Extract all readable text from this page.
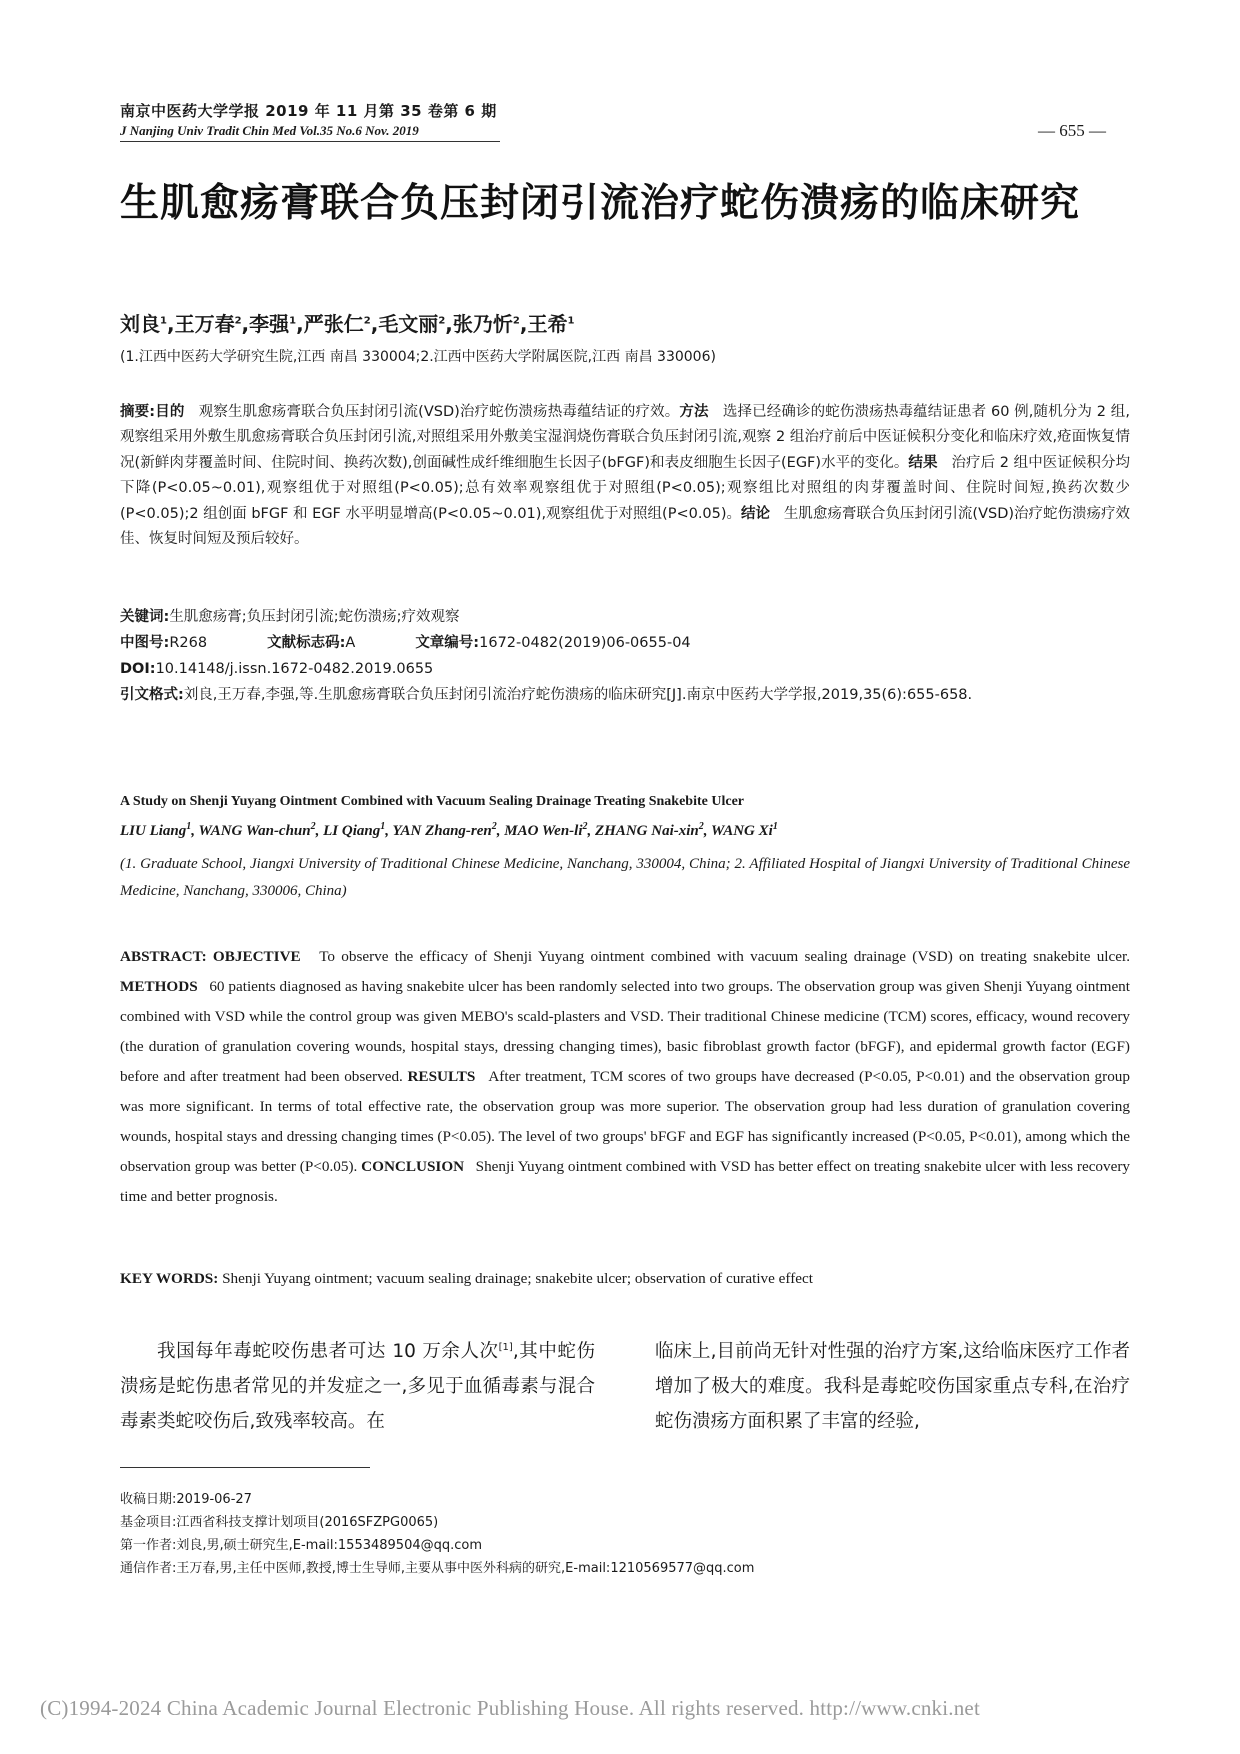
南京中医药大学学报 2019 年 11 月第 35 卷第 6 期
J Nanjing Univ Tradit Chin Med Vol.35 No.6 Nov. 2019	— 655 —
生肌愈疡膏联合负压封闭引流治疗蛇伤溃疡的临床研究
刘良$^1$,王万春$^2$,李强$^1$,严张仁$^2$,毛文丽$^2$,张乃忻$^2$,王希$^1$
(1.江西中医药大学研究生院,江西 南昌 330004;2.江西中医药大学附属医院,江西 南昌 330006)
摘要:目的 观察生肌愈疡膏联合负压封闭引流(VSD)治疗蛇伤溃疡热毒蕴结证的疗效。方法 选择已经确诊的蛇伤溃疡热毒蕴结证患者 60 例,随机分为 2 组,观察组采用外敷生肌愈疡膏联合负压封闭引流,对照组采用外敷美宝湿润烧伤膏联合负压封闭引流,观察 2 组治疗前后中医证候积分变化和临床疗效,疮面恢复情况(新鲜肉芽覆盖时间、住院时间、换药次数),创面碱性成纤维细胞生长因子(bFGF)和表皮细胞生长因子(EGF)水平的变化。结果 治疗后 2 组中医证候积分均下降(P<0.05~0.01),观察组优于对照组(P<0.05);总有效率观察组优于对照组(P<0.05);观察组比对照组的肉芽覆盖时间、住院时间短,换药次数少(P<0.05);2 组创面 bFGF 和 EGF 水平明显增高(P<0.05~0.01),观察组优于对照组(P<0.05)。结论 生肌愈疡膏联合负压封闭引流(VSD)治疗蛇伤溃疡疗效佳、恢复时间短及预后较好。
关键词:生肌愈疡膏;负压封闭引流;蛇伤溃疡;疗效观察
中图号:R268	文献标志码:A	文章编号:1672-0482(2019)06-0655-04
DOI:10.14148/j.issn.1672-0482.2019.0655
引文格式:刘良,王万春,李强,等.生肌愈疡膏联合负压封闭引流治疗蛇伤溃疡的临床研究[J].南京中医药大学学报,2019,35(6):655-658.
A Study on Shenji Yuyang Ointment Combined with Vacuum Sealing Drainage Treating Snakebite Ulcer
LIU Liang$^1$, WANG Wan-chun$^2$, LI Qiang$^1$, YAN Zhang-ren$^2$, MAO Wen-$li^2$, ZHANG Nai-xin$^2$, WANG Xi$^1$
(1. Graduate School, Jiangxi University of Traditional Chinese Medicine, Nanchang, 330004, China; 2. Affiliated Hospital of Jiangxi University of Traditional Chinese Medicine, Nanchang, 330006, China)
ABSTRACT: OBJECTIVE To observe the efficacy of Shenji Yuyang ointment combined with vacuum sealing drainage (VSD) on treating snakebite ulcer. METHODS 60 patients diagnosed as having snakebite ulcer has been randomly selected into two groups. The observation group was given Shenji Yuyang ointment combined with VSD while the control group was given MEBO's scald-plasters and VSD. Their traditional Chinese medicine (TCM) scores, efficacy, wound recovery (the duration of granulation covering wounds, hospital stays, dressing changing times), basic fibroblast growth factor (bFGF), and epidermal growth factor (EGF) before and after treatment had been observed. RESULTS After treatment, TCM scores of two groups have decreased (P<0.05, P<0.01) and the observation group was more significant. In terms of total effective rate, the observation group was more superior. The observation group had less duration of granulation covering wounds, hospital stays and dressing changing times (P<0.05). The level of two groups' bFGF and EGF has significantly increased (P<0.05, P<0.01), among which the observation group was better (P<0.05). CONCLUSION Shenji Yuyang ointment combined with VSD has better effect on treating snakebite ulcer with less recovery time and better prognosis.
KEY WORDS: Shenji Yuyang ointment; vacuum sealing drainage; snakebite ulcer; observation of curative effect
我国每年毒蛇咬伤患者可达 10 万余人次[1],其中蛇伤溃疡是蛇伤患者常见的并发症之一,多见于血循毒素与混合毒素类蛇咬伤后,致残率较高。在
临床上,目前尚无针对性强的治疗方案,这给临床医疗工作者增加了极大的难度。我科是毒蛇咬伤国家重点专科,在治疗蛇伤溃疡方面积累了丰富的经验,
收稿日期:2019-06-27
基金项目:江西省科技支撑计划项目(2016SFZPG0065)
第一作者:刘良,男,硕士研究生,E-mail:1553489504@qq.com
通信作者:王万春,男,主任中医师,教授,博士生导师,主要从事中医外科病的研究,E-mail:1210569577@qq.com
(C)1994-2024 China Academic Journal Electronic Publishing House. All rights reserved. http://www.cnki.net
